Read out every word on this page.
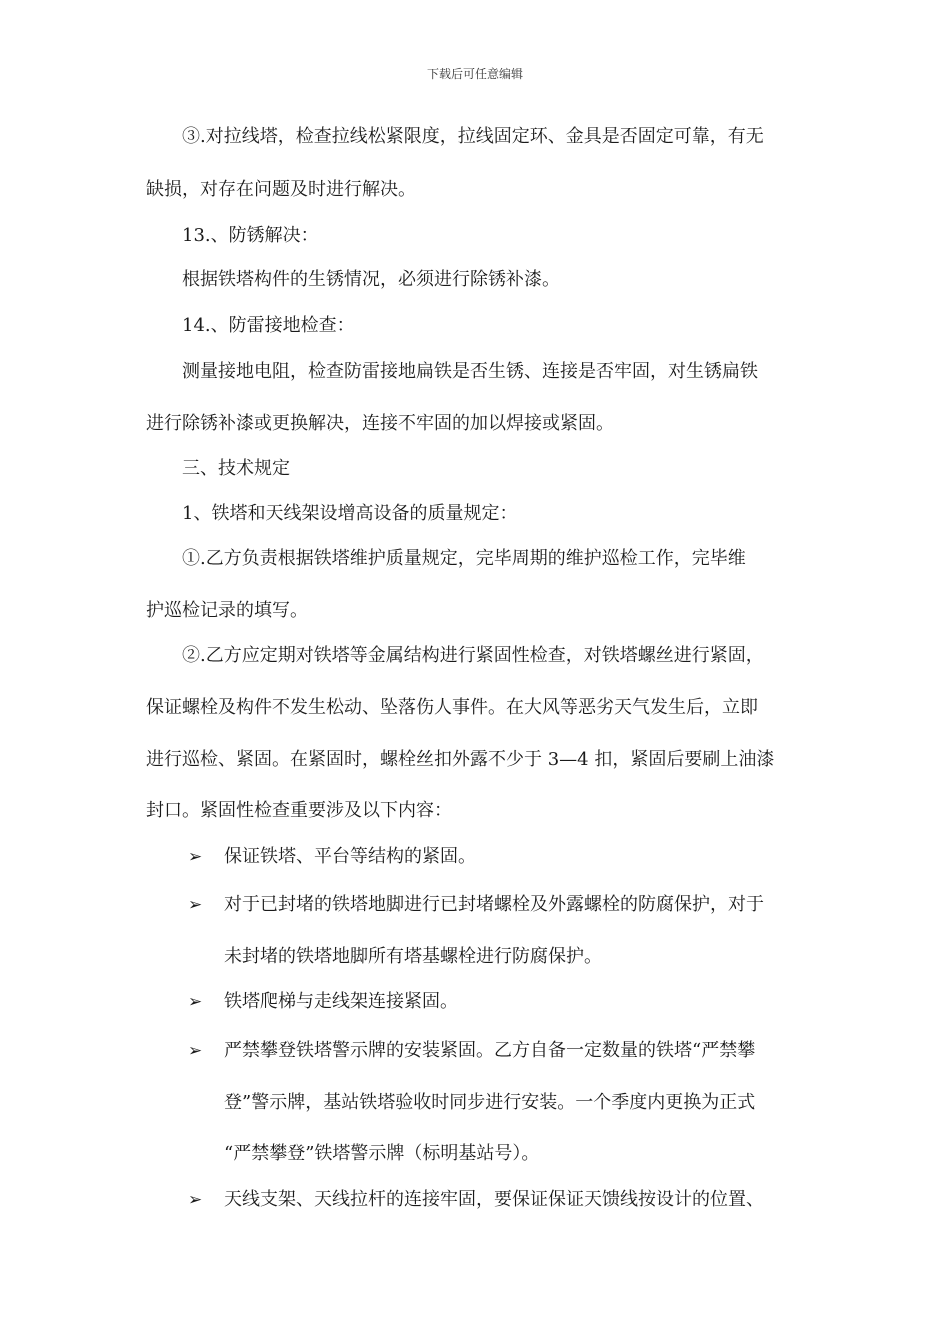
下载后可任意编辑
③.对拉线塔，检查拉线松紧限度，拉线固定环、金具是否固定可靠，有无
缺损，对存在问题及时进行解决。
13.、防锈解决：
根据铁塔构件的生锈情况，必须进行除锈补漆。
14.、防雷接地检查：
测量接地电阻，检查防雷接地扁铁是否生锈、连接是否牢固，对生锈扁铁
进行除锈补漆或更换解决，连接不牢固的加以焊接或紧固。
三、技术规定
1、铁塔和天线架设增高设备的质量规定：
①.乙方负责根据铁塔维护质量规定，完毕周期的维护巡检工作，完毕维
护巡检记录的填写。
②.乙方应定期对铁塔等金属结构进行紧固性检查，对铁塔螺丝进行紧固，
保证螺栓及构件不发生松动、坠落伤人事件。在大风等恶劣天气发生后，立即
进行巡检、紧固。在紧固时，螺栓丝扣外露不少于 3—4 扣，紧固后要刷上油漆
封口。紧固性检查重要涉及以下内容：
➢ 保证铁塔、平台等结构的紧固。
➢ 对于已封堵的铁塔地脚进行已封堵螺栓及外露螺栓的防腐保护，对于
未封堵的铁塔地脚所有塔基螺栓进行防腐保护。
➢ 铁塔爬梯与走线架连接紧固。
➢ 严禁攀登铁塔警示牌的安装紧固。乙方自备一定数量的铁塔“严禁攀
登”警示牌，基站铁塔验收时同步进行安装。一个季度内更换为正式
“严禁攀登”铁塔警示牌（标明基站号）。
➢ 天线支架、天线拉杆的连接牢固，要保证保证天馈线按设计的位置、
